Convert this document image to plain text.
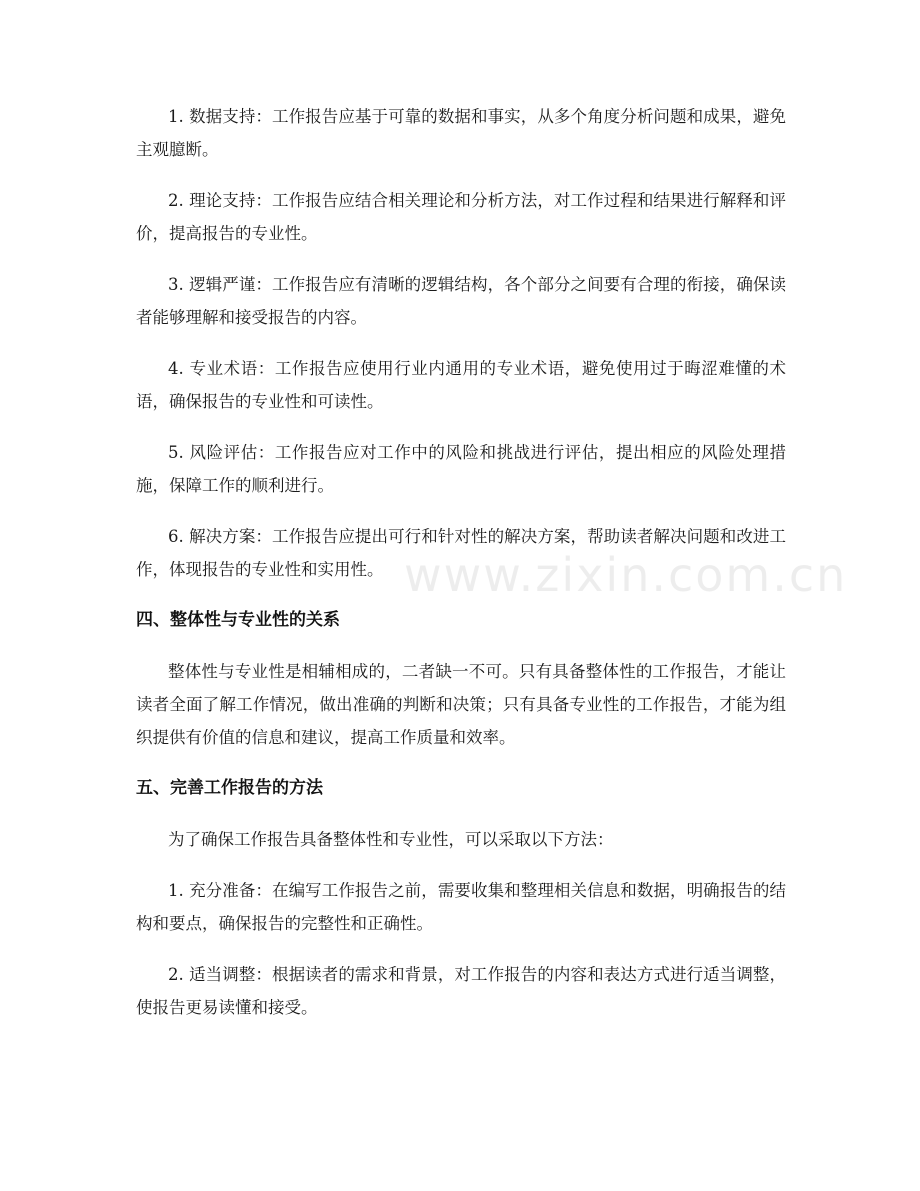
1. 数据支持：工作报告应基于可靠的数据和事实，从多个角度分析问题和成果，避免主观臆断。

2. 理论支持：工作报告应结合相关理论和分析方法，对工作过程和结果进行解释和评价，提高报告的专业性。

3. 逻辑严谨：工作报告应有清晰的逻辑结构，各个部分之间要有合理的衔接，确保读者能够理解和接受报告的内容。

4. 专业术语：工作报告应使用行业内通用的专业术语，避免使用过于晦涩难懂的术语，确保报告的专业性和可读性。

5. 风险评估：工作报告应对工作中的风险和挑战进行评估，提出相应的风险处理措施，保障工作的顺利进行。

6. 解决方案：工作报告应提出可行和针对性的解决方案，帮助读者解决问题和改进工作，体现报告的专业性和实用性。

四、整体性与专业性的关系

整体性与专业性是相辅相成的，二者缺一不可。只有具备整体性的工作报告，才能让读者全面了解工作情况，做出准确的判断和决策；只有具备专业性的工作报告，才能为组织提供有价值的信息和建议，提高工作质量和效率。

五、完善工作报告的方法

为了确保工作报告具备整体性和专业性，可以采取以下方法：

1. 充分准备：在编写工作报告之前，需要收集和整理相关信息和数据，明确报告的结构和要点，确保报告的完整性和正确性。

2. 适当调整：根据读者的需求和背景，对工作报告的内容和表达方式进行适当调整，使报告更易读懂和接受。

www.zixin.com.cn
